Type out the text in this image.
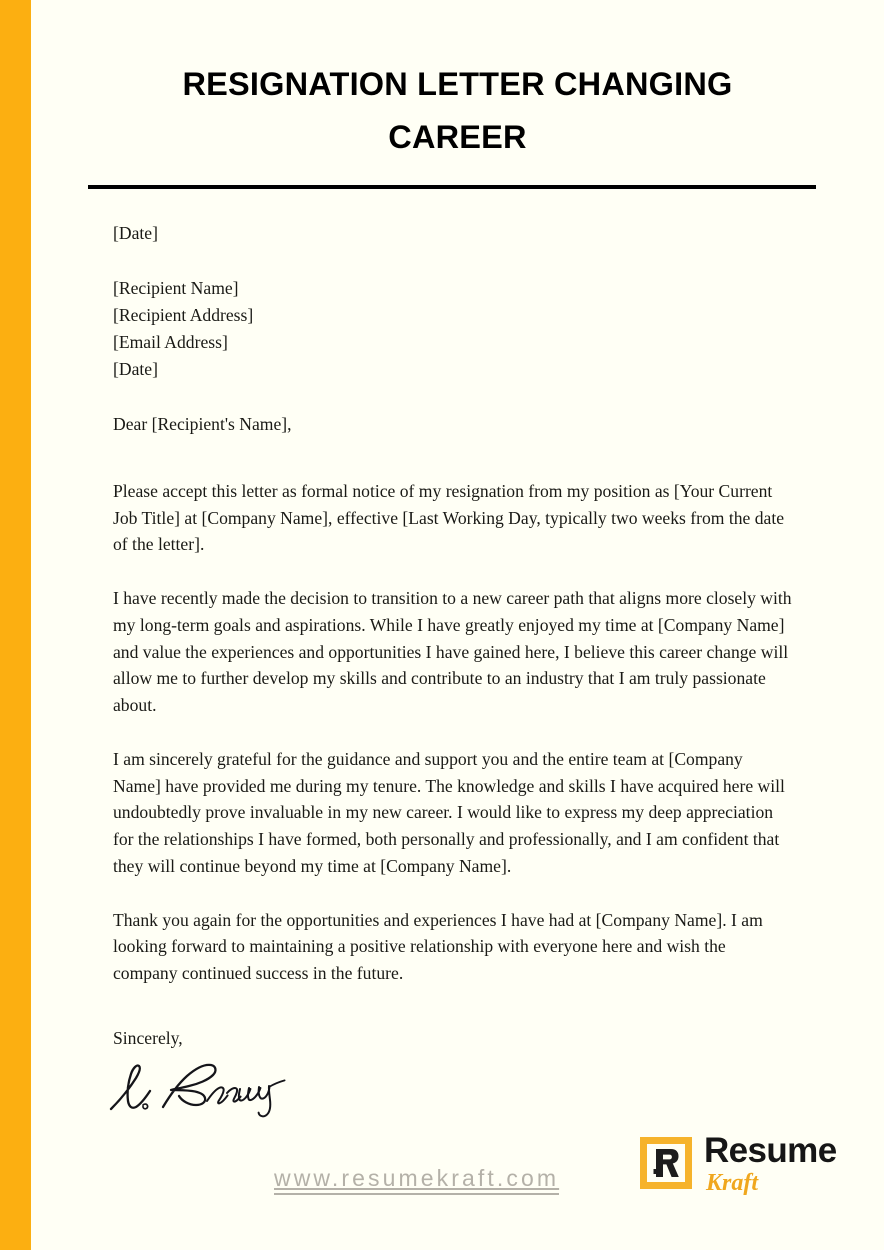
RESIGNATION LETTER CHANGING CAREER
[Date]
[Recipient Name]
[Recipient Address]
[Email Address]
[Date]
Dear [Recipient's Name],

Please accept this letter as formal notice of my resignation from my position as [Your Current Job Title] at [Company Name], effective [Last Working Day, typically two weeks from the date of the letter].

I have recently made the decision to transition to a new career path that aligns more closely with my long-term goals and aspirations. While I have greatly enjoyed my time at [Company Name] and value the experiences and opportunities I have gained here, I believe this career change will allow me to further develop my skills and contribute to an industry that I am truly passionate about.

I am sincerely grateful for the guidance and support you and the entire team at [Company Name] have provided me during my tenure. The knowledge and skills I have acquired here will undoubtedly prove invaluable in my new career. I would like to express my deep appreciation for the relationships I have formed, both personally and professionally, and I am confident that they will continue beyond my time at [Company Name].

Thank you again for the opportunities and experiences I have had at [Company Name]. I am looking forward to maintaining a positive relationship with everyone here and wish the company continued success in the future.

Sincerely,

www.resumekraft.com
Resume
Kraft
